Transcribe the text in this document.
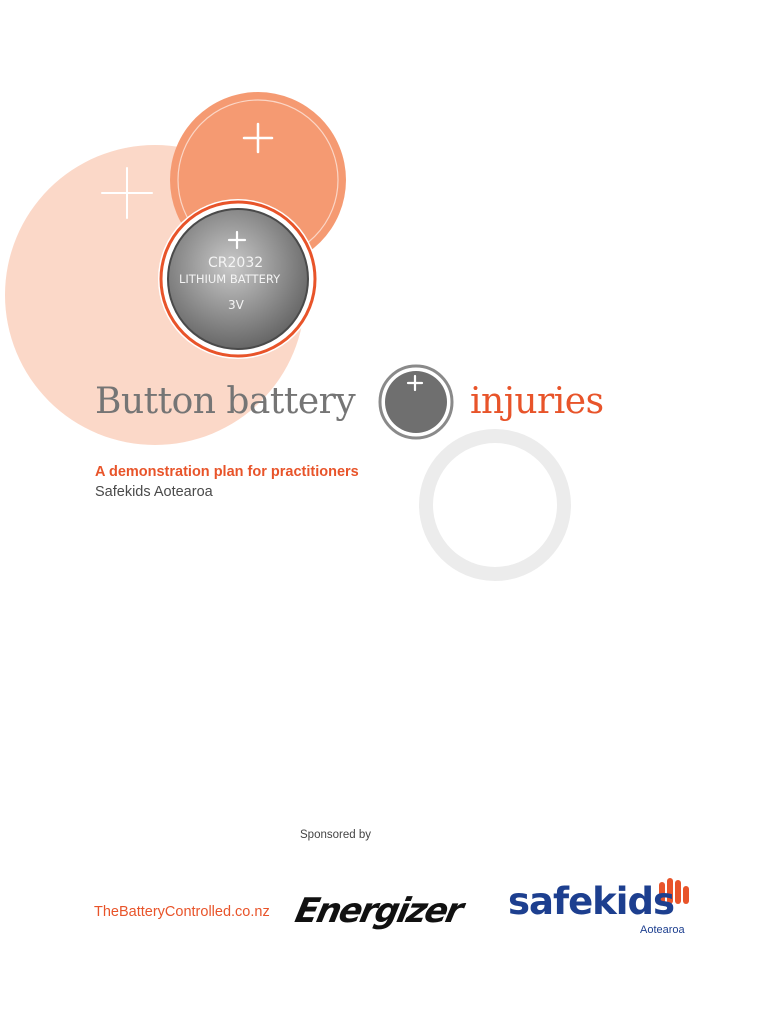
CR2032
LITHIUM BATTERY
3V
Button battery	injuries
A demonstration plan for practitioners
Safekids Aotearoa
Sponsored by
TheBatteryControlled.co.nz Energizer	safekids
Aotearoa
